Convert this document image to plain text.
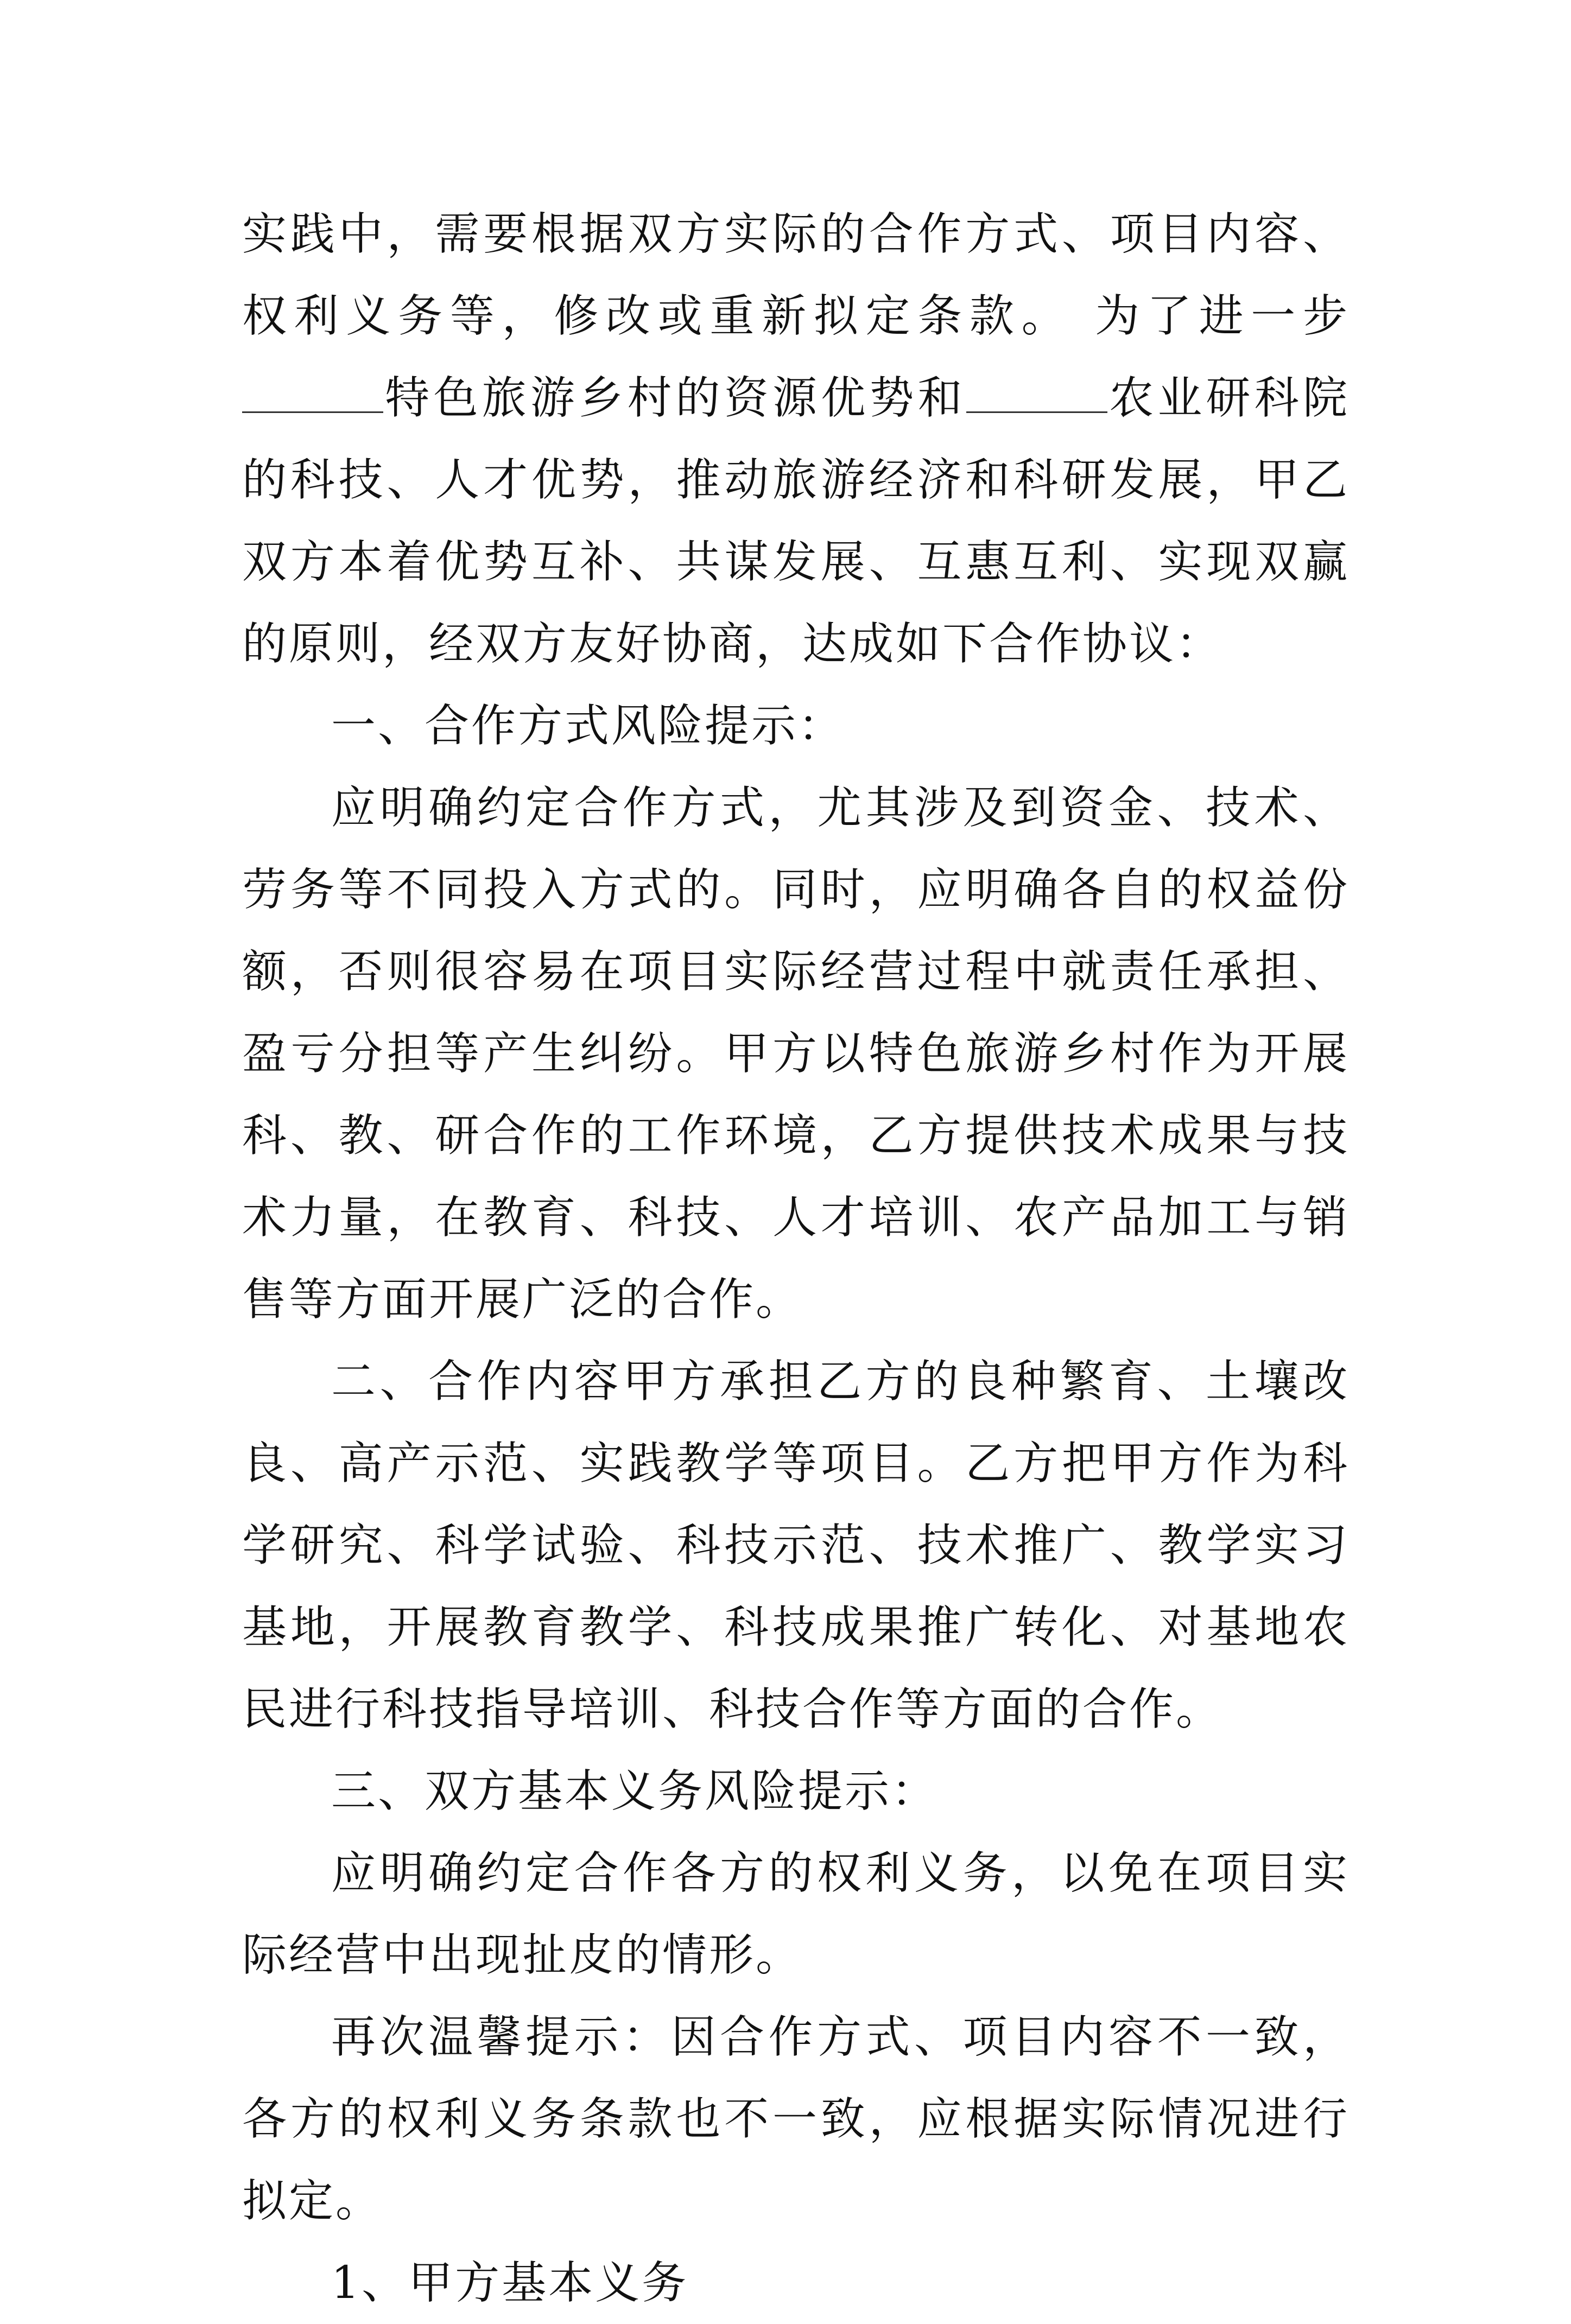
实践中，需要根据双方实际的合作方式、项目内容、权利义务等，修改或重新拟定条款。 为了进一步特色旅游乡村的资源优势和	农业研科院的科技、人才优势，推动旅游经济和科研发展，甲乙双方本着优势互补、共谋发展、互惠互利、实现双赢的原则，经双方友好协商，达成如下合作协议：

一、合作方式风险提示：

应明确约定合作方式，尤其涉及到资金、技术、劳务等不同投入方式的。同时，应明确各自的权益份额，否则很容易在项目实际经营过程中就责任承担、盈亏分担等产生纠纷。甲方以特色旅游乡村作为开展科、教、研合作的工作环境，乙方提供技术成果与技术力量，在教育、科技、人才培训、农产品加工与销售等方面开展广泛的合作。

二、合作内容甲方承担乙方的良种繁育、土壤改良、高产示范、实践教学等项目。乙方把甲方作为科学研究、科学试验、科技示范、技术推广、教学实习基地，开展教育教学、科技成果推广转化、对基地农民进行科技指导培训、科技合作等方面的合作。

三、双方基本义务风险提示：

应明确约定合作各方的权利义务，以免在项目实际经营中出现扯皮的情形。

再次温馨提示：因合作方式、项目内容不一致，各方的权利义务条款也不一致，应根据实际情况进行拟定。

1、甲方基本义务
